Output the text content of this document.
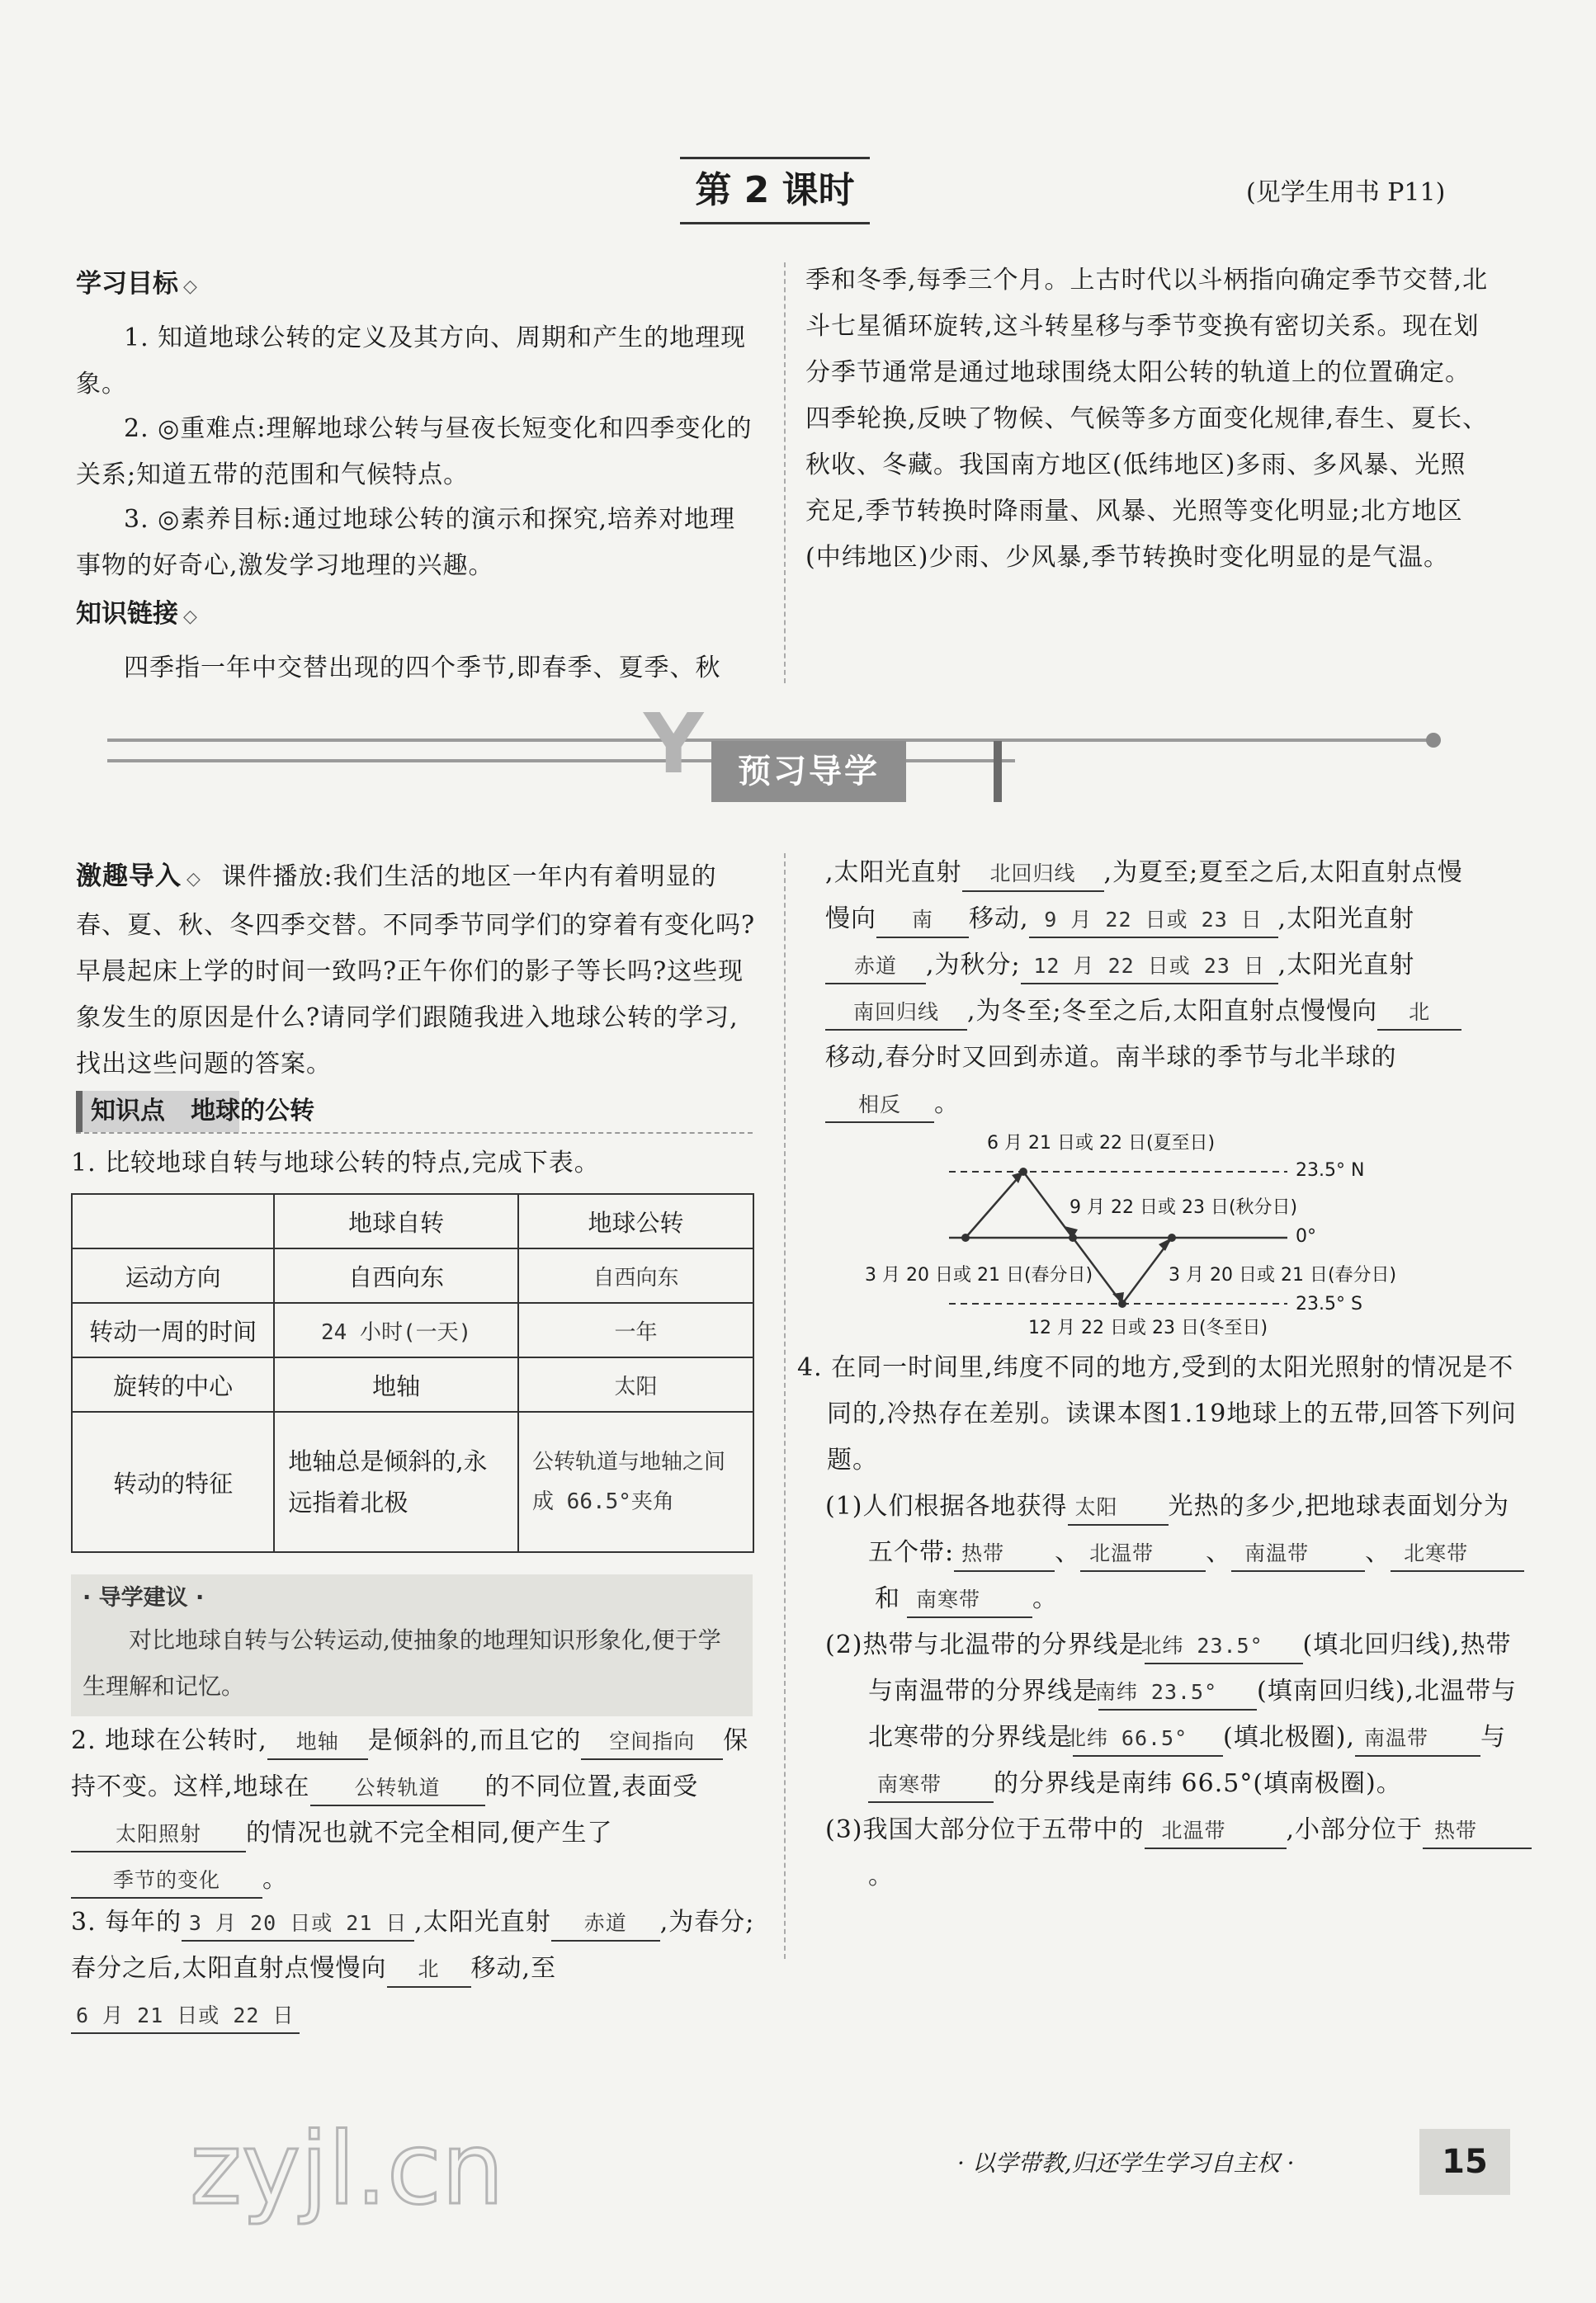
第 2 课时	(见学生用书 P11)
学习目标 ◇
1. 知道地球公转的定义及其方向、周期和产生的地理现象。
2. ◎重难点:理解地球公转与昼夜长短变化和四季变化的关系;知道五带的范围和气候特点。
3. ◎素养目标:通过地球公转的演示和探究,培养对地理事物的好奇心,激发学习地理的兴趣。
知识链接 ◇
四季指一年中交替出现的四个季节,即春季、夏季、秋
季和冬季,每季三个月。上古时代以斗柄指向确定季节交替,北斗七星循环旋转,这斗转星移与季节变换有密切关系。现在划分季节通常是通过地球围绕太阳公转的轨道上的位置确定。四季轮换,反映了物候、气候等多方面变化规律,春生、夏长、秋收、冬藏。我国南方地区(低纬地区)多雨、多风暴、光照充足,季节转换时降雨量、风暴、光照等变化明显;北方地区(中纬地区)少雨、少风暴,季节转换时变化明显的是气温。
Y	预习导学
激趣导入 ◇ 课件播放:我们生活的地区一年内有着明显的春、夏、秋、冬四季交替。不同季节同学们的穿着有变化吗?早晨起床上学的时间一致吗?正午你们的影子等长吗?这些现象发生的原因是什么?请同学们跟随我进入地球公转的学习,找出这些问题的答案。
知识点 地球的公转
1. 比较地球自转与地球公转的特点,完成下表。
	地球自转	地球公转
运动方向	自西向东	自西向东
转动一周的时间	24 小时(一天)	一年
旋转的中心	地轴	太阳
转动的特征	地轴总是倾斜的,永远指着北极	公转轨道与地轴之间成 66.5°夹角
· 导学建议 ·
对比地球自转与公转运动,使抽象的地理知识形象化,便于学生理解和记忆。
2. 地球在公转时, 地轴 是倾斜的,而且它的 空间指向 保持不变。这样,地球在 公转轨道 的不同位置,表面受太阳照射 的情况也就不完全相同,便产生了季节的变化 。
3. 每年的 3 月 20 日或 21 日 ,太阳光直射 赤道 ,为春分;春分之后,太阳直射点慢慢向 北 移动,至6 月 21 日或 22 日
,太阳光直射 北回归线 ,为夏至;夏至之后,太阳直射点慢慢向 南 移动, 9 月 22 日或 23 日 ,太阳光直射赤道 ,为秋分; 12 月 22 日或 23 日 ,太阳光直射南回归线 ,为冬至;冬至之后,太阳直射点慢慢向 北移动,春分时又回到赤道。南半球的季节与北半球的相反 。
6 月 21 日或 22 日(夏至日)
23.5° N
9 月 22 日或 23 日(秋分日)
0°
3 月 20 日或 21 日(春分日)	3 月 20 日或 21 日(春分日)
23.5° S
12 月 22 日或 23 日(冬至日)
4. 在同一时间里,纬度不同的地方,受到的太阳光照射的情况是不同的,冷热存在差别。读课本图1.19地球上的五带,回答下列问题。
(1)人们根据各地获得 太阳 光热的多少,把地球表面划分为五个带: 热带 、 北温带 、 南温带 、 北寒带和 南寒带 。
(2)热带与北温带的分界线是北纬 23.5° (填北回归线),热带与南温带的分界线是南纬 23.5° (填南回归线),北温带与北寒带的分界线是北纬 66.5° (填北极圈), 南温带 与南寒带 的分界线是南纬 66.5°(填南极圈)。
(3)我国大部分位于五带中的 北温带 ,小部分位于 热带。
zyjl.cn	· 以学带教,归还学生学习自主权 ·	15
